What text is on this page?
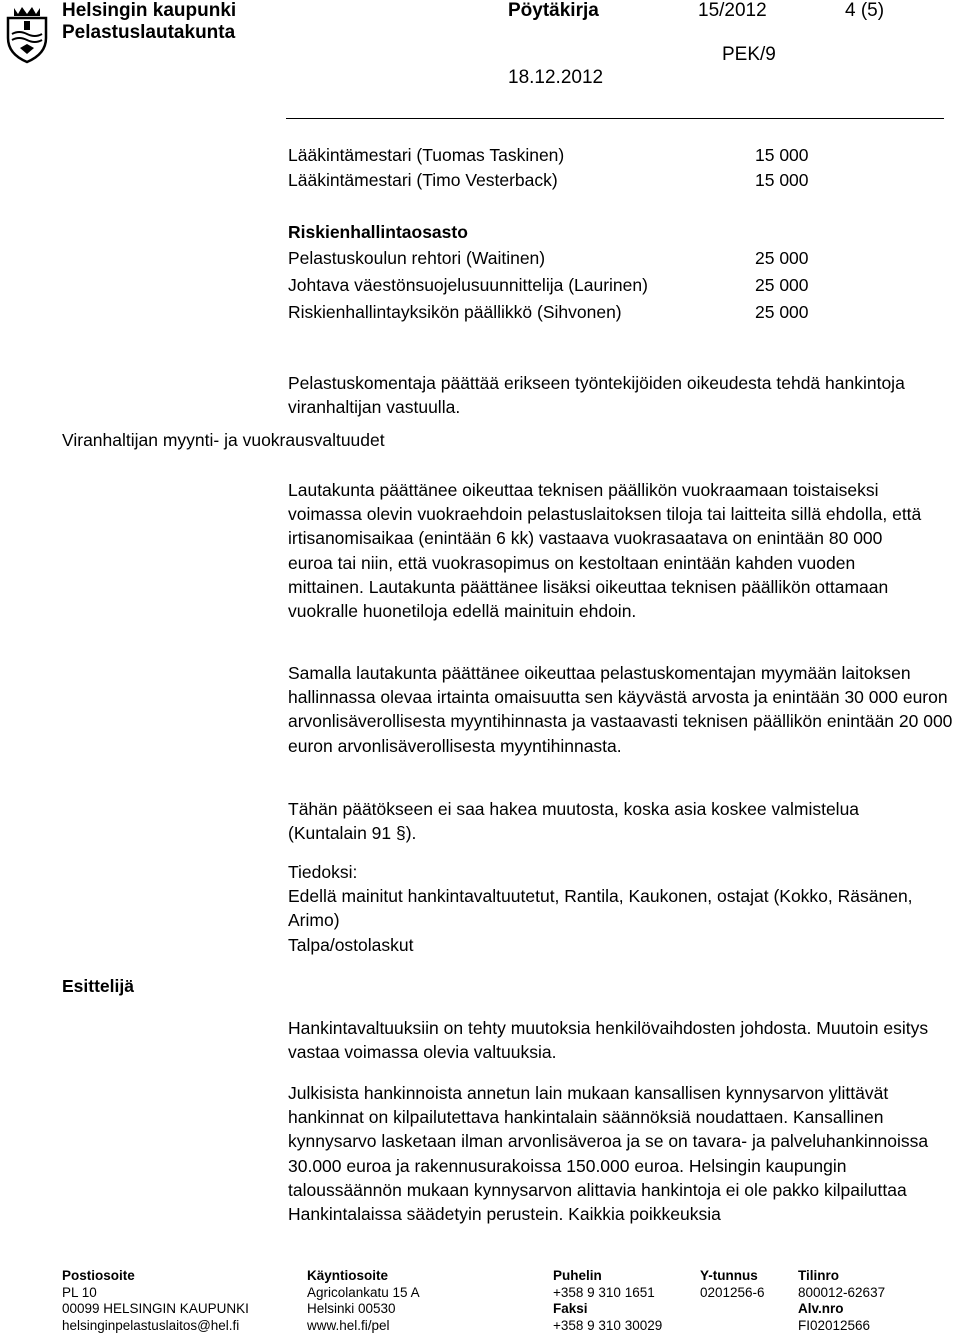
Helsingin kaupunki
Pelastuslautakunta
Pöytäkirja	15/2012	4 (5)
PEK/9
18.12.2012
Lääkintämestari (Tuomas Taskinen)	15 000
Lääkintämestari (Timo Vesterback)	15 000
Riskienhallintaosasto
Pelastuskoulun rehtori (Waitinen)	25 000
Johtava väestönsuojelusuunnittelija (Laurinen)	25 000
Riskienhallintayksikön päällikkö (Sihvonen)	25 000

Pelastuskomentaja päättää erikseen työntekijöiden oikeudesta tehdä hankintoja viranhaltijan vastuulla.

Viranhaltijan myynti- ja vuokrausvaltuudet

Lautakunta päättänee oikeuttaa teknisen päällikön vuokraamaan toistaiseksi voimassa olevin vuokraehdoin pelastuslaitoksen tiloja tai laitteita sillä ehdolla, että irtisanomisaikaa (enintään 6 kk) vastaava vuokrasaatava on enintään 80 000 euroa tai niin, että vuokrasopimus on kestoltaan enintään kahden vuoden mittainen. Lautakunta päättänee lisäksi oikeuttaa teknisen päällikön ottamaan vuokralle huonetiloja edellä mainituin ehdoin.

Samalla lautakunta päättänee oikeuttaa pelastuskomentajan myymään laitoksen hallinnassa olevaa irtainta omaisuutta sen käyvästä arvosta ja enintään 30 000 euron arvonlisäverollisesta myyntihinnasta ja vastaavasti teknisen päällikön enintään 20 000 euron arvonlisäverollisesta myyntihinnasta.

Tähän päätökseen ei saa hakea muutosta, koska asia koskee valmistelua (Kuntalain 91 §).

Tiedoksi:

Edellä mainitut hankintavaltuutetut, Rantila, Kaukonen, ostajat (Kokko, Räsänen, Arimo)

Talpa/ostolaskut
Esittelijä

Hankintavaltuuksiin on tehty muutoksia henkilövaihdosten johdosta. Muutoin esitys vastaa voimassa olevia valtuuksia.

Julkisista hankinnoista annetun lain mukaan kansallisen kynnysarvon ylittävät hankinnat on kilpailutettava hankintalain säännöksiä noudattaen. Kansallinen kynnysarvo lasketaan ilman arvonlisäveroa ja se on tavara- ja palveluhankinnoissa 30.000 euroa ja rakennusurakoissa 150.000 euroa. Helsingin kaupungin taloussäännön mukaan kynnysarvon alittavia hankintoja ei ole pakko kilpailuttaa Hankintalaissa säädetyin perustein. Kaikkia poikkeuksia

Postiosoite
PL 10
00099 HELSINGIN KAUPUNKI
helsinginpelastuslaitos@hel.fi
Käyntiosoite
Agricolankatu 15 A
Helsinki 00530
www.hel.fi/pel
Puhelin
+358 9 310 1651
Faksi
+358 9 310 30029
Y-tunnus
0201256-6
Tilinro
800012-62637
Alv.nro
FI02012566
